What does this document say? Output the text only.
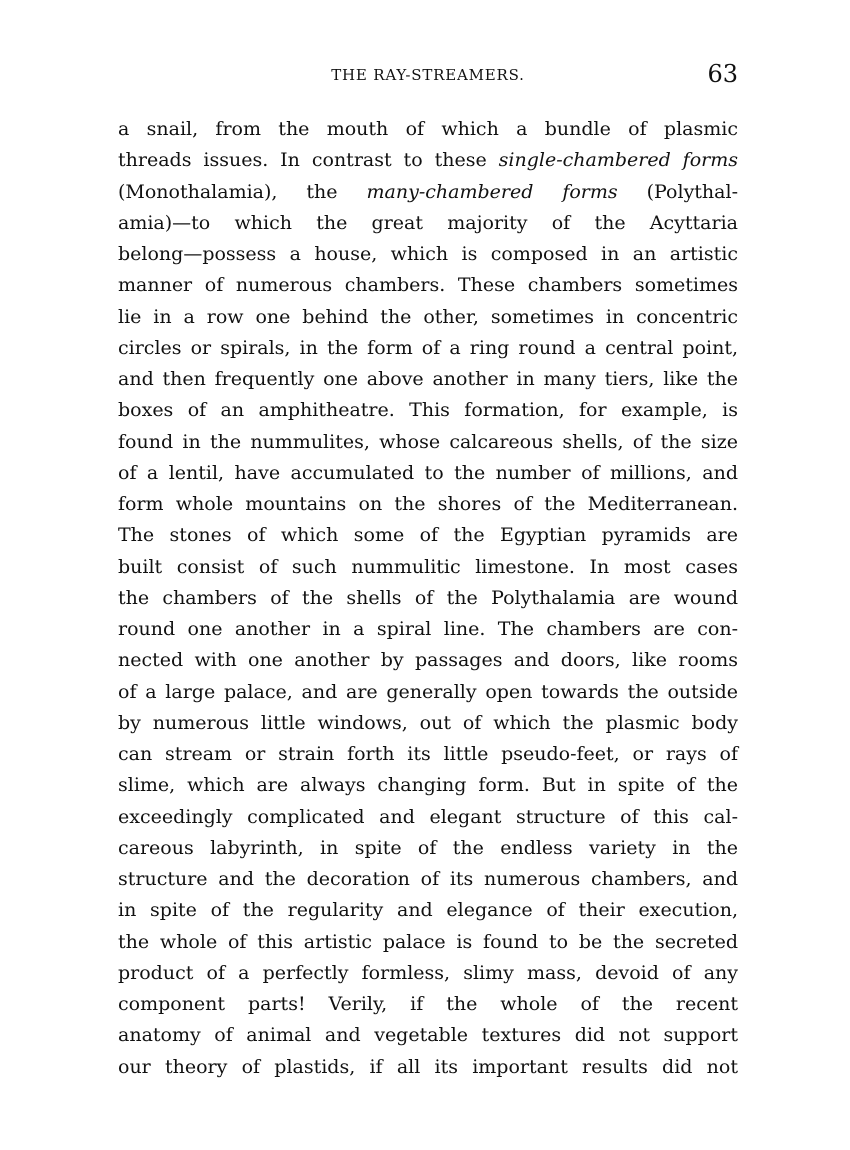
THE RAY-STREAMERS.	63
a snail, from the mouth of which a bundle of plasmic
threads issues. In contrast to these single-chambered forms
(Monothalamia), the many-chambered forms (Polythal-
amia)—to which the great majority of the Acyttaria
belong—possess a house, which is composed in an artistic
manner of numerous chambers. These chambers sometimes
lie in a row one behind the other, sometimes in concentric
circles or spirals, in the form of a ring round a central point,
and then frequently one above another in many tiers, like the
boxes of an amphitheatre. This formation, for example, is
found in the nummulites, whose calcareous shells, of the size
of a lentil, have accumulated to the number of millions, and
form whole mountains on the shores of the Mediterranean.
The stones of which some of the Egyptian pyramids are
built consist of such nummulitic limestone. In most cases
the chambers of the shells of the Polythalamia are wound
round one another in a spiral line. The chambers are con-
nected with one another by passages and doors, like rooms
of a large palace, and are generally open towards the outside
by numerous little windows, out of which the plasmic body
can stream or strain forth its little pseudo-feet, or rays of
slime, which are always changing form. But in spite of the
exceedingly complicated and elegant structure of this cal-
careous labyrinth, in spite of the endless variety in the
structure and the decoration of its numerous chambers, and
in spite of the regularity and elegance of their execution,
the whole of this artistic palace is found to be the secreted
product of a perfectly formless, slimy mass, devoid of any
component parts! Verily, if the whole of the recent
anatomy of animal and vegetable textures did not support
our theory of plastids, if all its important results did not
